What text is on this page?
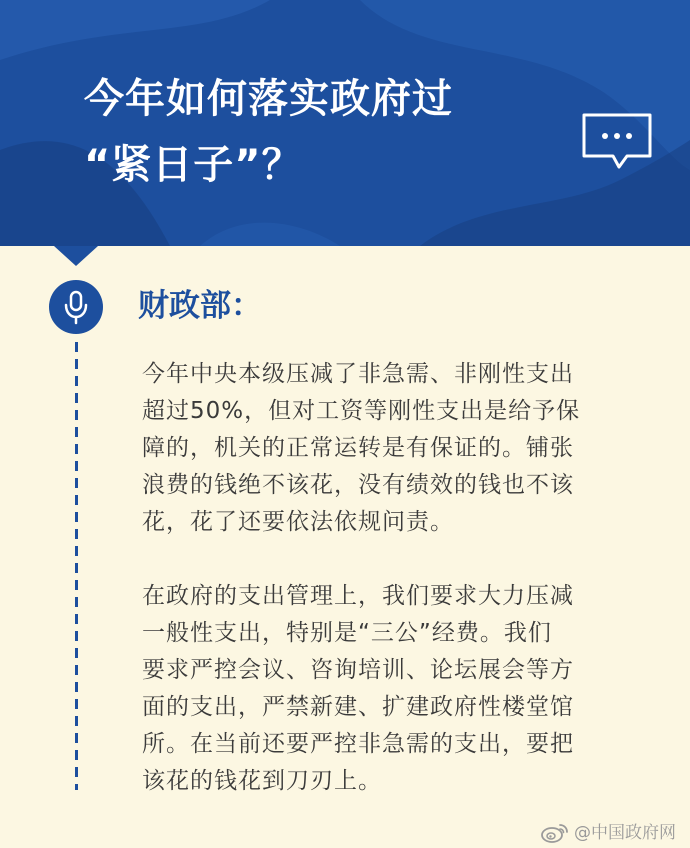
今年如何落实政府过
“紧日子”？
财政部：

今年中央本级压减了非急需、非刚性支出
超过50%，但对工资等刚性支出是给予保
障的，机关的正常运转是有保证的。铺张
浪费的钱绝不该花，没有绩效的钱也不该
花，花了还要依法依规问责。

在政府的支出管理上，我们要求大力压减
一般性支出，特别是“三公”经费。我们
要求严控会议、咨询培训、论坛展会等方
面的支出，严禁新建、扩建政府性楼堂馆
所。在当前还要严控非急需的支出，要把
该花的钱花到刀刃上。

@中国政府网
